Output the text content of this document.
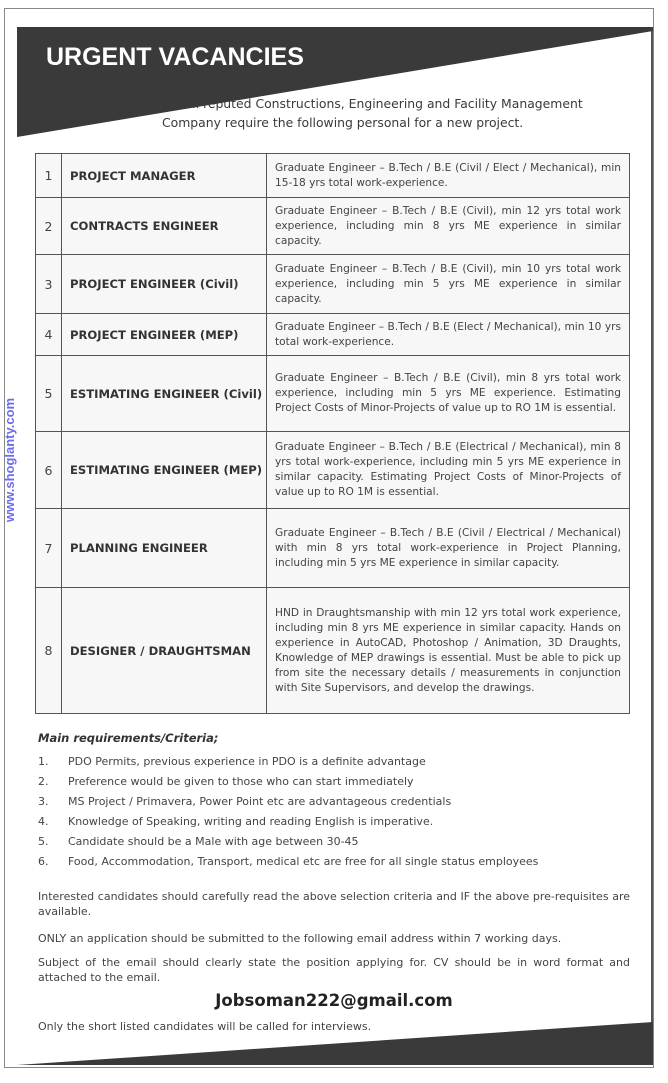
URGENT VACANCIES
A well reputed Constructions, Engineering and Facility Management Company require the following personal for a new project.
1	PROJECT MANAGER	Graduate Engineer – B.Tech / B.E (Civil / Elect / Mechanical), min 15-18 yrs total work-experience.
2	CONTRACTS ENGINEER	Graduate Engineer – B.Tech / B.E (Civil), min 12 yrs total work experience, including min 8 yrs ME experience in similar capacity.
3	PROJECT ENGINEER (Civil)	Graduate Engineer – B.Tech / B.E (Civil), min 10 yrs total work experience, including min 5 yrs ME experience in similar capacity.
4	PROJECT ENGINEER (MEP)	Graduate Engineer – B.Tech / B.E (Elect / Mechanical), min 10 yrs total work-experience.
5	ESTIMATING ENGINEER (Civil)	Graduate Engineer – B.Tech / B.E (Civil), min 8 yrs total work experience, including min 5 yrs ME experience. Estimating Project Costs of Minor-Projects of value up to RO 1M is essential.
6	ESTIMATING ENGINEER (MEP)	Graduate Engineer – B.Tech / B.E (Electrical / Mechanical), min 8 yrs total work-experience, including min 5 yrs ME experience in similar capacity. Estimating Project Costs of Minor-Projects of value up to RO 1M is essential.
7	PLANNING ENGINEER	Graduate Engineer – B.Tech / B.E (Civil / Electrical / Mechanical) with min 8 yrs total work-experience in Project Planning, including min 5 yrs ME experience in similar capacity.
8	DESIGNER / DRAUGHTSMAN	HND in Draughtsmanship with min 12 yrs total work experience, including min 8 yrs ME experience in similar capacity. Hands on experience in AutoCAD, Photoshop / Animation, 3D Draughts, Knowledge of MEP drawings is essential. Must be able to pick up from site the necessary details / measurements in conjunction with Site Supervisors, and develop the drawings.
Main requirements/Criteria;
1.	PDO Permits, previous experience in PDO is a definite advantage
2.	Preference would be given to those who can start immediately
3.	MS Project / Primavera, Power Point etc are advantageous credentials
4.	Knowledge of Speaking, writing and reading English is imperative.
5.	Candidate should be a Male with age between 30-45
6.	Food, Accommodation, Transport, medical etc are free for all single status employees
Interested candidates should carefully read the above selection criteria and IF the above pre-requisites are available.
ONLY an application should be submitted to the following email address within 7 working days.
Subject of the email should clearly state the position applying for. CV should be in word format and attached to the email.
Jobsoman222@gmail.com
Only the short listed candidates will be called for interviews.
www.shoglanty.com
